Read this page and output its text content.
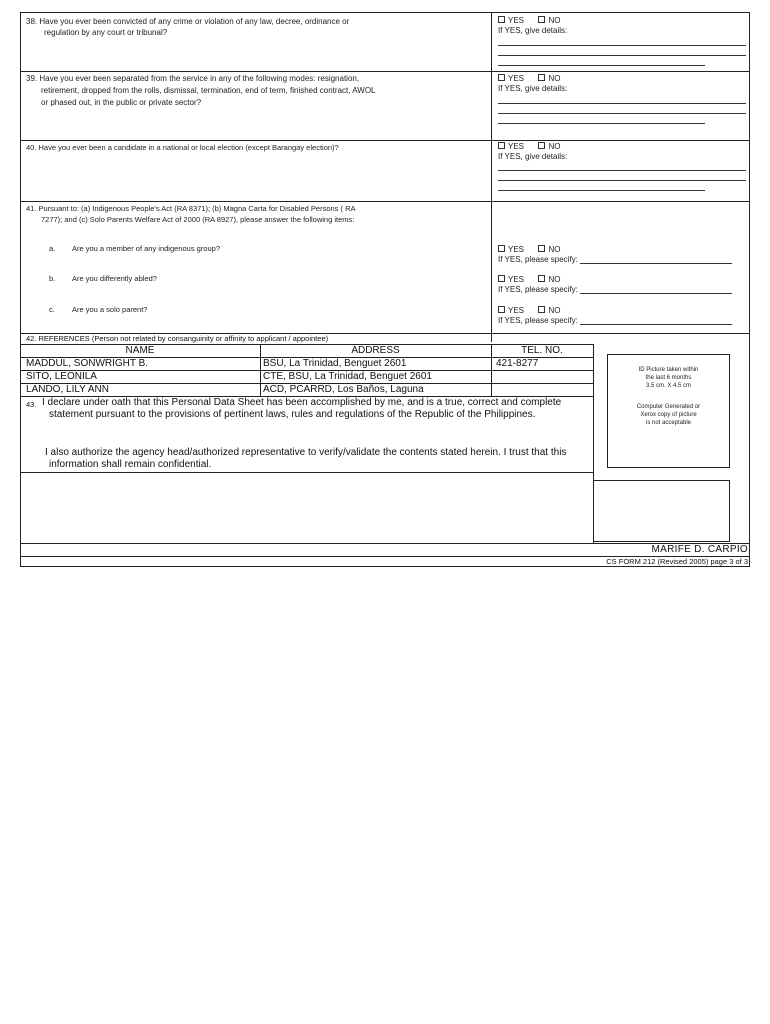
38. Have you ever been convicted of any crime or violation of any law, decree, ordinance or
regulation by any court or tribunal?
YES	NO
If YES, give details:
39. Have you ever been separated from the service in any of the following modes: resignation,
retirement, dropped from the rolls, dismissal, termination, end of term, finished contract, AWOL
or phased out, in the public or private sector?
YES	NO
If YES, give details:
40. Have you ever been a candidate in a national or local election (except Barangay election)?	YES	NO
If YES, give details:
41. Pursuant to: (a) Indigenous People's Act (RA 8371); (b) Magna Carta for Disabled Persons ( RA
7277); and (c) Solo Parents Welfare Act of 2000 (RA 8927), please answer the following items:
a. Are you a member of any indigenous group?	YES	NO
If YES, please specify:
b. Are you differently abled?	YES	NO
If YES, please specify:
c. Are you a solo parent?	YES	NO
If YES, please specify:
42. REFERENCES (Person not related by consanguinity or affinity to applicant / appointee)
NAME	ADDRESS	TEL. NO.
MADDUL, SONWRIGHT B.	BSU, La Trinidad, Benguet 2601	421-8277
SITO, LEONILA	CTE, BSU, La Trinidad, Benguet 2601
LANDO, LILY ANN	ACD, PCARRD, Los Baños, Laguna
ID Picture taken within
the last 6 months
3.5 cm. X 4.5 cm
Computer Generated or
Xerox copy of picture
is not acceptable
43. I declare under oath that this Personal Data Sheet has been accomplished by me, and is a true, correct and complete
statement pursuant to the provisions of pertinent laws, rules and regulations of the Republic of the Philippines.
I also authorize the agency head/authorized representative to verify/validate the contents stated herein. I trust that this
information shall remain confidential.
MARIFE D. CARPIO
CS FORM 212 (Revised 2005) page 3 of 3
